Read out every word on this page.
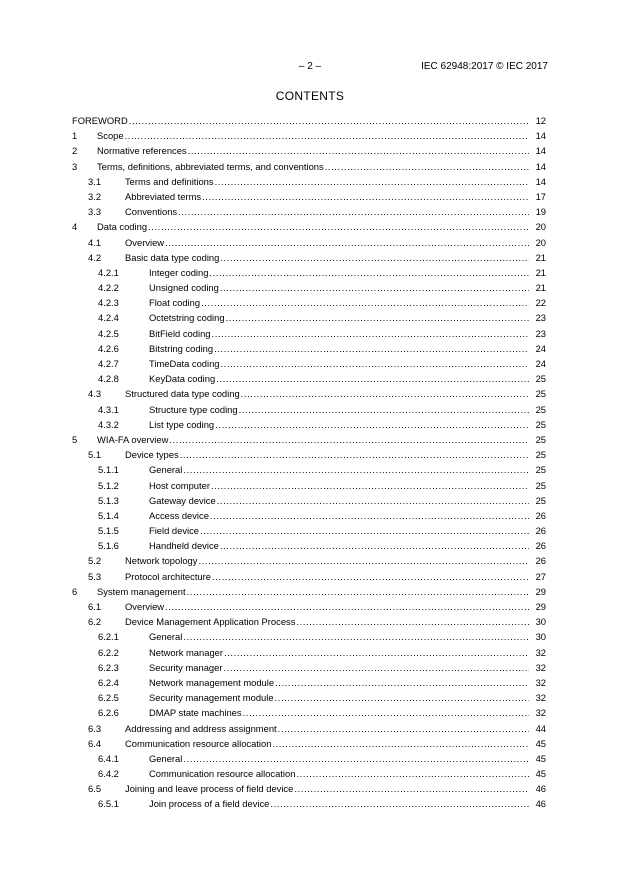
– 2 –	IEC 62948:2017 © IEC 2017
CONTENTS
FOREWORD .....	12
1 Scope .....	14
2 Normative references .....	14
3 Terms, definitions, abbreviated terms, and conventions .....	14
3.1	Terms and definitions .....	14
3.2	Abbreviated terms .....	17
3.3	Conventions .....	19
4 Data coding .....	20
4.1	Overview .....	20
4.2	Basic data type coding .....	21
4.2.1	Integer coding .....	21
4.2.2	Unsigned coding .....	21
4.2.3	Float coding .....	22
4.2.4	Octetstring coding .....	23
4.2.5	BitField coding .....	23
4.2.6	Bitstring coding .....	24
4.2.7	TimeData coding .....	24
4.2.8	KeyData coding .....	25
4.3	Structured data type coding .....	25
4.3.1	Structure type coding .....	25
4.3.2	List type coding .....	25
5 WIA-FA overview .....	25
5.1	Device types .....	25
5.1.1	General .....	25
5.1.2	Host computer .....	25
5.1.3	Gateway device .....	25
5.1.4	Access device .....	26
5.1.5	Field device .....	26
5.1.6	Handheld device .....	26
5.2	Network topology .....	26
5.3	Protocol architecture .....	27
6 System management .....	29
6.1	Overview .....	29
6.2	Device Management Application Process .....	30
6.2.1	General .....	30
6.2.2	Network manager .....	32
6.2.3	Security manager .....	32
6.2.4	Network management module .....	32
6.2.5	Security management module .....	32
6.2.6	DMAP state machines .....	32
6.3	Addressing and address assignment .....	44
6.4	Communication resource allocation .....	45
6.4.1	General .....	45
6.4.2	Communication resource allocation .....	45
6.5	Joining and leave process of field device .....	46
6.5.1	Join process of a field device .....	46
